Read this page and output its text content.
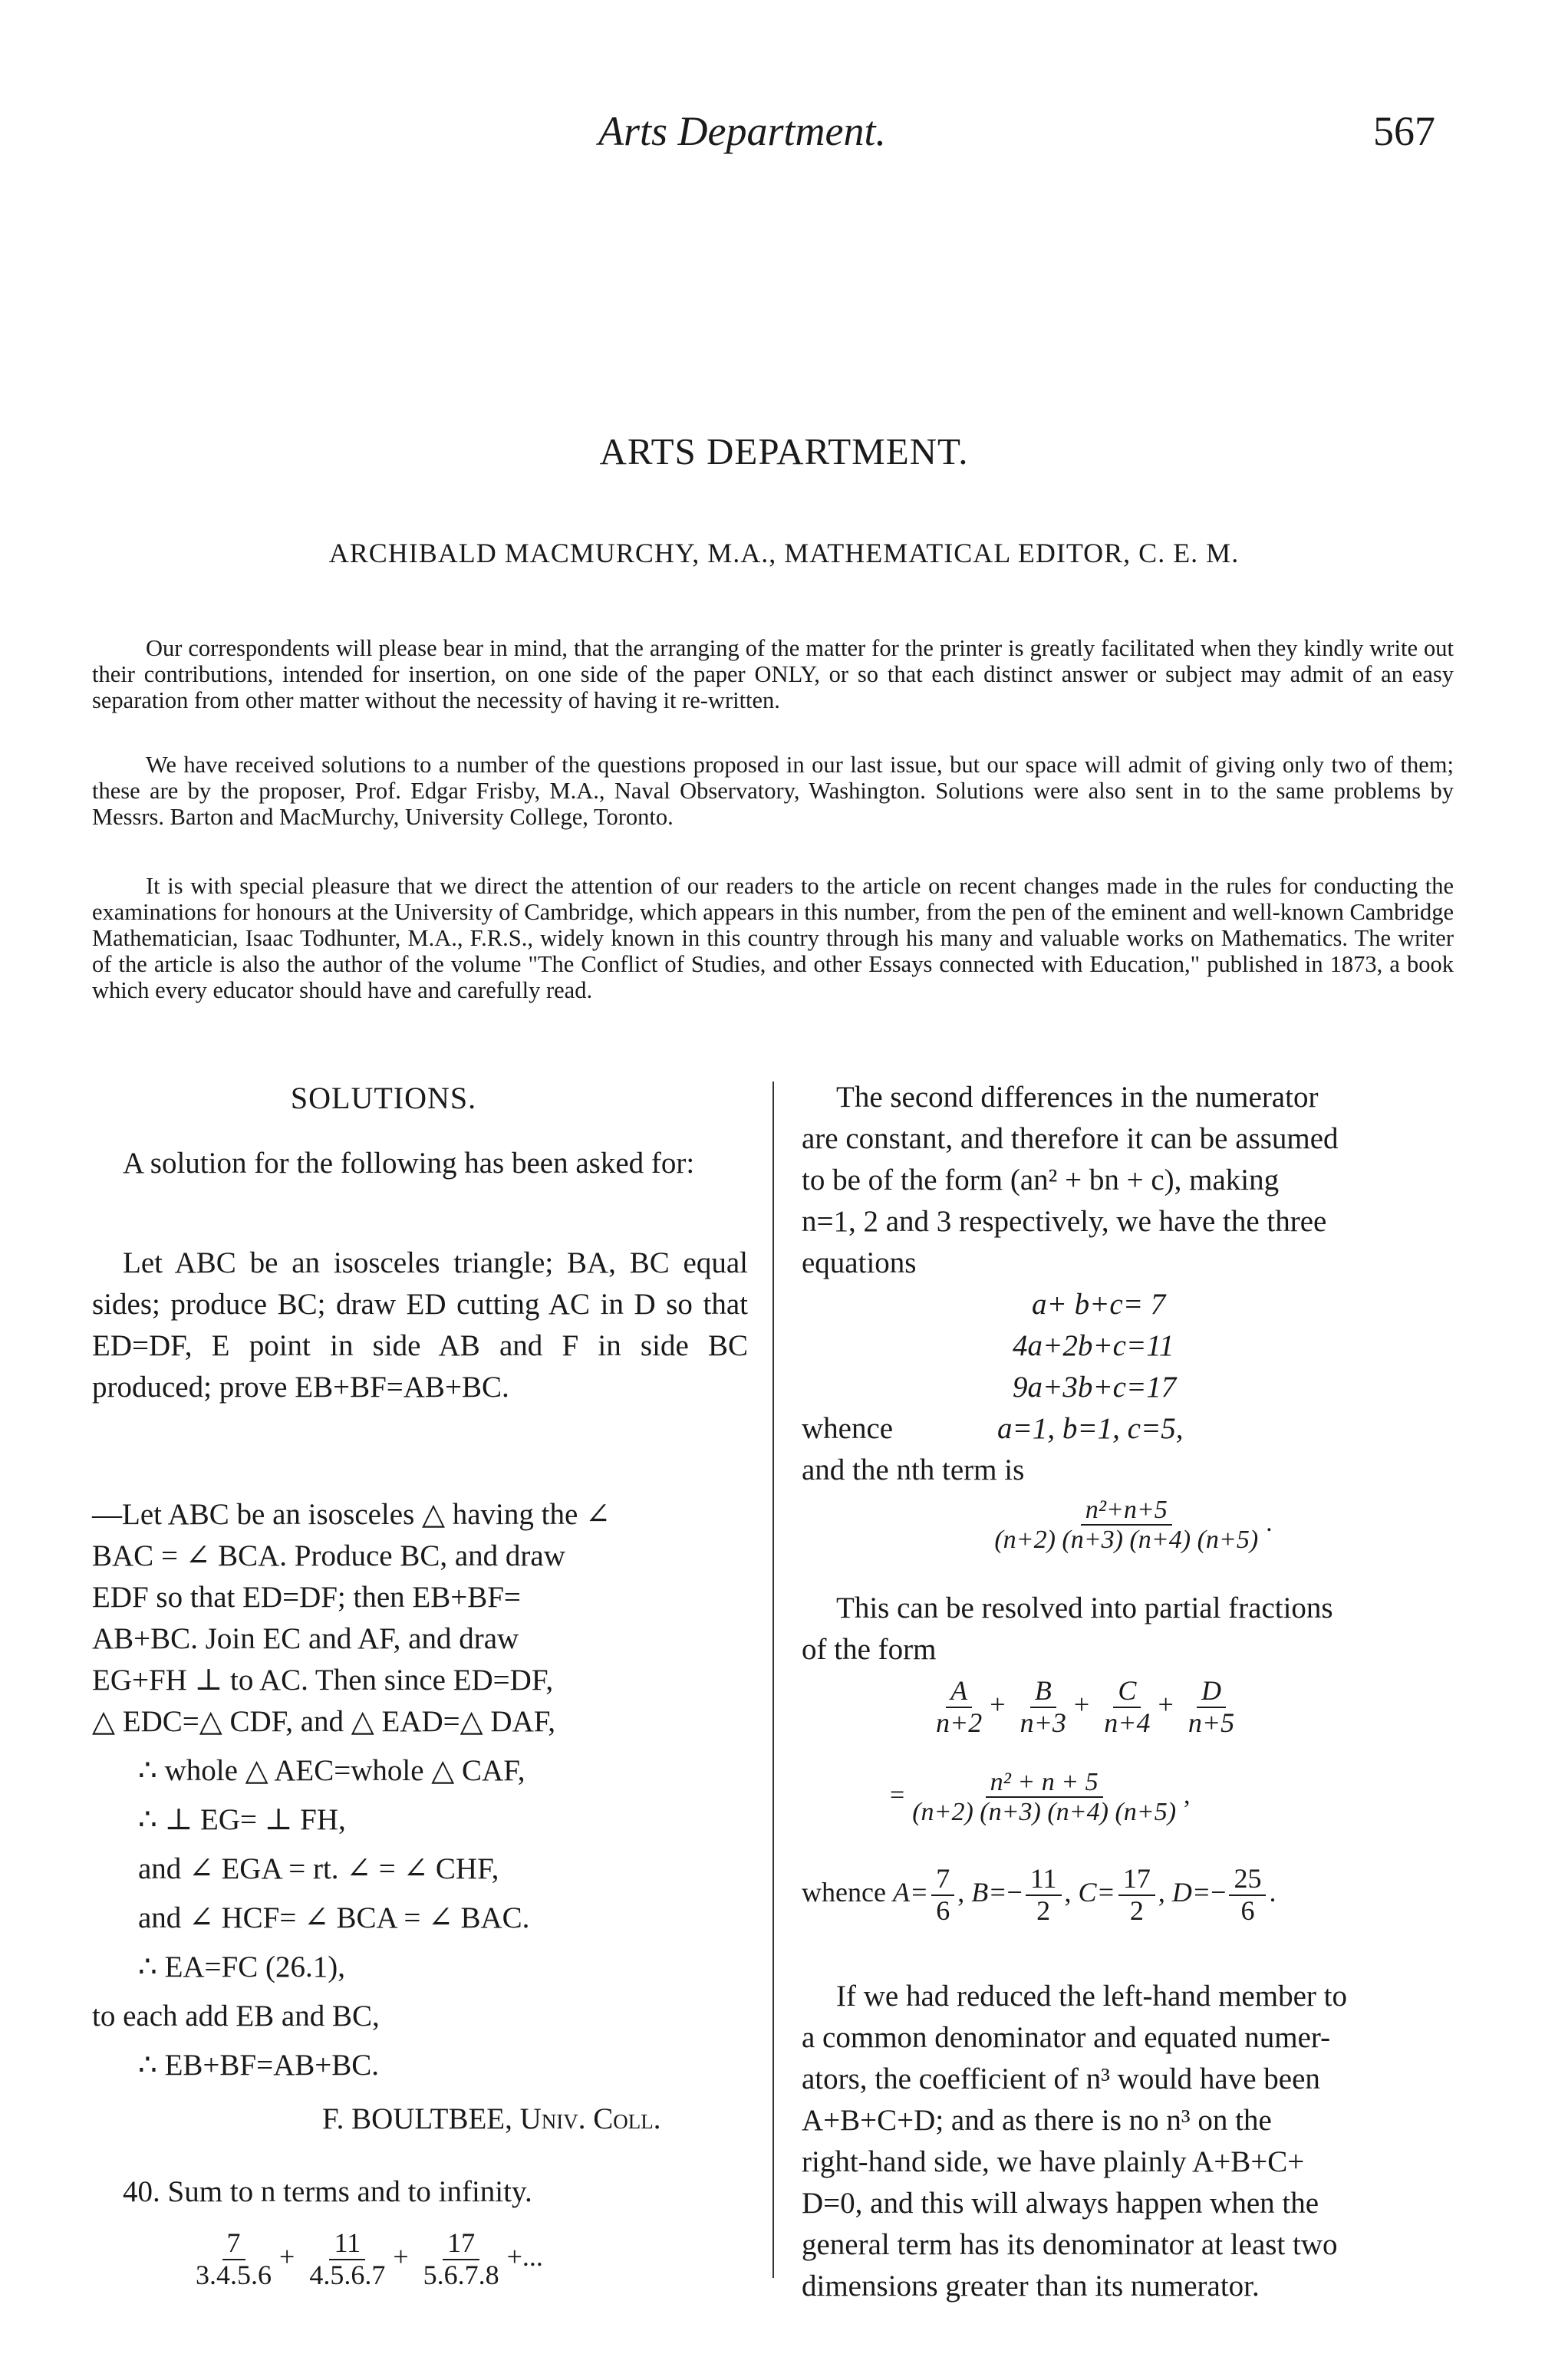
Arts Department.	567
ARTS DEPARTMENT.
ARCHIBALD MACMURCHY, M.A., MATHEMATICAL EDITOR, C. E. M.

Our correspondents will please bear in mind, that the arranging of the matter for the printer is greatly facilitated when they kindly write out their contributions, intended for insertion, on one side of the paper ONLY, or so that each distinct answer or subject may admit of an easy separation from other matter without the necessity of having it re-written.

We have received solutions to a number of the questions proposed in our last issue, but our space will admit of giving only two of them; these are by the proposer, Prof. Edgar Frisby, M.A., Naval Observatory, Washington. Solutions were also sent in to the same problems by Messrs. Barton and MacMurchy, University College, Toronto.

It is with special pleasure that we direct the attention of our readers to the article on recent changes made in the rules for conducting the examinations for honours at the University of Cambridge, which appears in this number, from the pen of the eminent and well-known Cambridge Mathematician, Isaac Todhunter, M.A., F.R.S., widely known in this country through his many and valuable works on Mathematics. The writer of the article is also the author of the volume "The Conflict of Studies, and other Essays connected with Education," published in 1873, a book which every educator should have and carefully read.

SOLUTIONS.

A solution for the following has been asked for:

Let ABC be an isosceles triangle; BA, BC equal sides; produce BC; draw ED cutting AC in D so that ED=DF, E point in side AB and F in side BC produced; prove EB+BF=AB+BC.

—Let ABC be an isosceles △ having the ∠
BAC = ∠ BCA. Produce BC, and draw
EDF so that ED=DF; then EB+BF=
AB+BC. Join EC and AF, and draw
EG+FH ⊥ to AC. Then since ED=DF,
△ EDC=△ CDF, and △ EAD=△ DAF,
∴ whole △ AEC=whole △ CAF,
∴ ⊥ EG= ⊥ FH,
and ∠ EGA = rt. ∠ = ∠ CHF,
and ∠ HCF= ∠ BCA = ∠ BAC.
∴ EA=FC (26.1),
to each add EB and BC,
∴ EB+BF=AB+BC.
F. BOULTBEE, Univ. Coll.
40. Sum to n terms and to infinity.
$\frac{7}{3.4.5.6} + \frac{11}{4.5.6.7} + \frac{17}{5.6.7.8}$ +...
The second differences in the numerator
are constant, and therefore it can be assumed
to be of the form (an² + bn + c), making
n=1, 2 and 3 respectively, we have the three
equations
a+ b+c= 7
4a+2b+c=11
9a+3b+c=17
whence	a=1, b=1, c=5,
and the nth term is
$\frac{\text{n²+n+5}}{(n+2) (n+3) (n+4) (n+5)}$ .
This can be resolved into partial fractions
of the form
$\frac{A}{n+2} + \frac{B}{n+3} + \frac{C}{n+4} + \frac{D}{n+5}$
= $\frac{\text{n² + n + 5}}{(n+2) (n+3) (n+4) (n+5)}$ ,
whence $A= \frac{7}{6}$ , $B=- \frac{11}{2}$ , $C= \frac{17}{2}$ , $D=- \frac{25}{6}$ .
If we had reduced the left-hand member to
a common denominator and equated numer-
ators, the coefficient of n³ would have been
A+B+C+D; and as there is no n³ on the
right-hand side, we have plainly A+B+C+
D=0, and this will always happen when the
general term has its denominator at least two
dimensions greater than its numerator.
